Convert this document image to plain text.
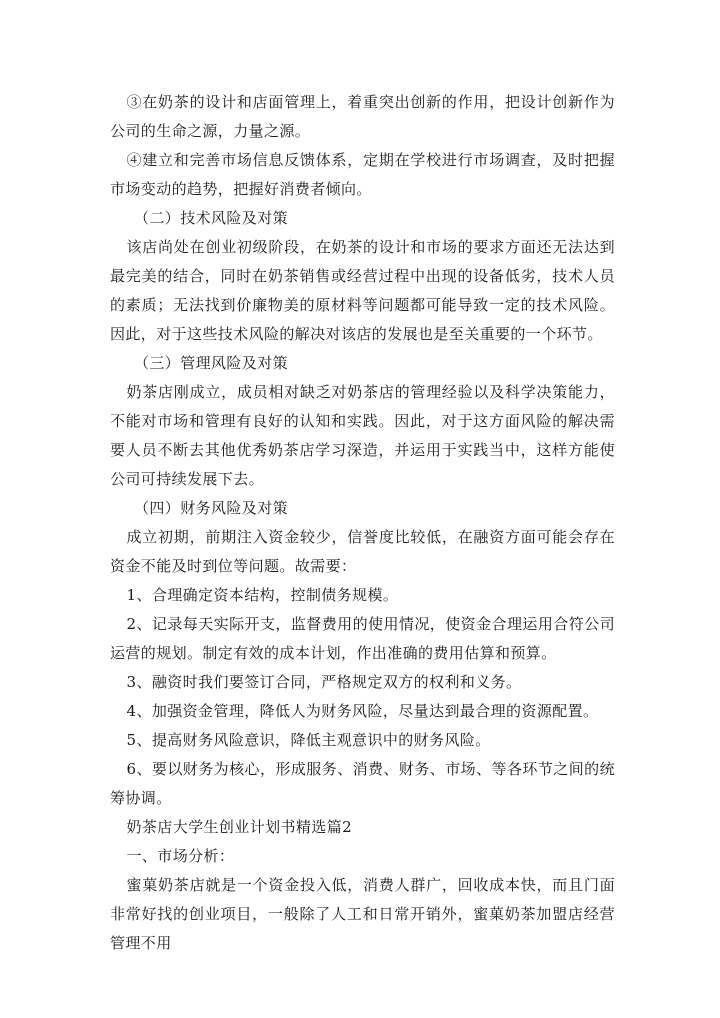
③在奶茶的设计和店面管理上，着重突出创新的作用，把设计创新作为公司的生命之源，力量之源。

④建立和完善市场信息反馈体系，定期在学校进行市场调查，及时把握市场变动的趋势，把握好消费者倾向。

（二）技术风险及对策

该店尚处在创业初级阶段，在奶茶的设计和市场的要求方面还无法达到最完美的结合，同时在奶茶销售或经营过程中出现的设备低劣，技术人员的素质；无法找到价廉物美的原材料等问题都可能导致一定的技术风险。因此，对于这些技术风险的解决对该店的发展也是至关重要的一个环节。

（三）管理风险及对策

奶茶店刚成立，成员相对缺乏对奶茶店的管理经验以及科学决策能力，不能对市场和管理有良好的认知和实践。因此，对于这方面风险的解决需要人员不断去其他优秀奶茶店学习深造，并运用于实践当中，这样方能使公司可持续发展下去。

（四）财务风险及对策

成立初期，前期注入资金较少，信誉度比较低，在融资方面可能会存在资金不能及时到位等问题。故需要：

1、合理确定资本结构，控制债务规模。

2、记录每天实际开支，监督费用的使用情况，使资金合理运用合符公司运营的规划。制定有效的成本计划，作出准确的费用估算和预算。

3、融资时我们要签订合同，严格规定双方的权利和义务。

4、加强资金管理，降低人为财务风险，尽量达到最合理的资源配置。

5、提高财务风险意识，降低主观意识中的财务风险。

6、要以财务为核心，形成服务、消费、财务、市场、等各环节之间的统筹协调。

奶茶店大学生创业计划书精选篇2

一、市场分析：

蜜菓奶茶店就是一个资金投入低，消费人群广，回收成本快，而且门面非常好找的创业项目，一般除了人工和日常开销外，蜜菓奶茶加盟店经营管理不用
